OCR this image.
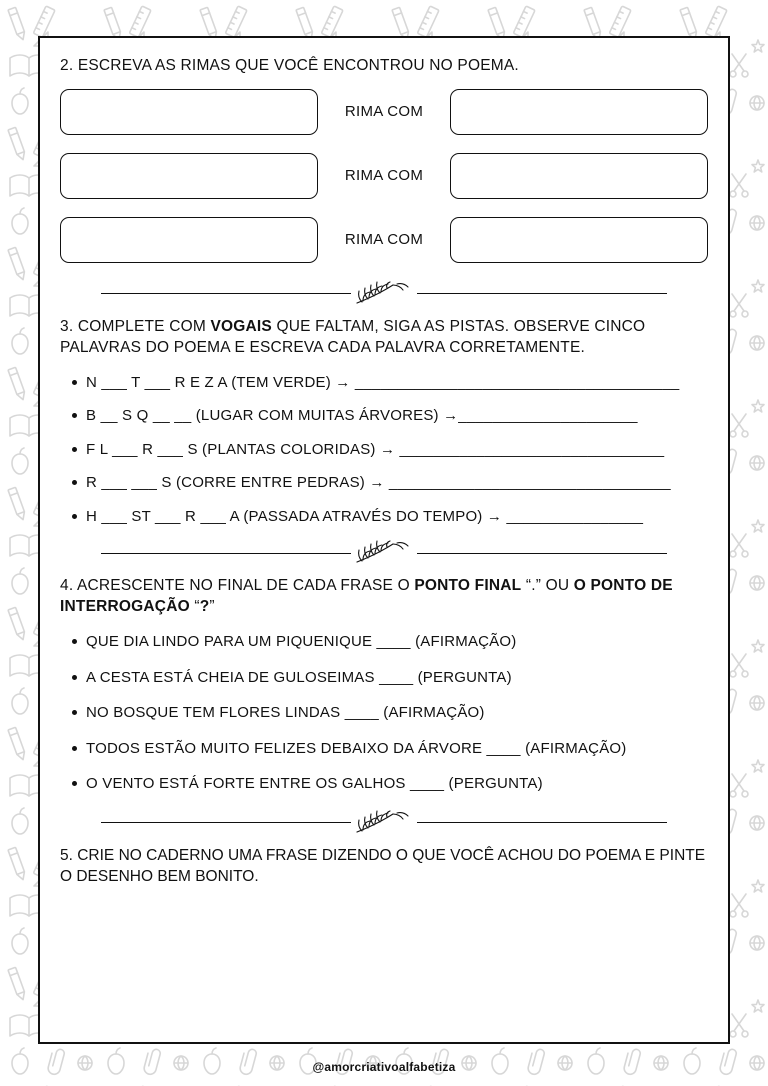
2. ESCREVA AS RIMAS QUE VOCÊ ENCONTROU NO POEMA.

RIMA COM
RIMA COM
RIMA COM

3. COMPLETE COM VOGAIS QUE FALTAM, SIGA AS PISTAS. OBSERVE CINCO PALAVRAS DO POEMA E ESCREVA CADA PALAVRA CORRETAMENTE.

N ___ T ___ R E Z A (TEM VERDE) → ______________________________________
B __ S Q __ __ (LUGAR COM MUITAS ÁRVORES) →_____________________
F L ___ R ___ S (PLANTAS COLORIDAS) → _______________________________
R ___ ___ S (CORRE ENTRE PEDRAS) → _________________________________
H ___ ST ___ R ___ A (PASSADA ATRAVÉS DO TEMPO) → ________________

4. ACRESCENTE NO FINAL DE CADA FRASE O PONTO FINAL “.” OU O PONTO DE INTERROGAÇÃO “?”

QUE DIA LINDO PARA UM PIQUENIQUE ____ (AFIRMAÇÃO)
A CESTA ESTÁ CHEIA DE GULOSEIMAS ____ (PERGUNTA)
NO BOSQUE TEM FLORES LINDAS ____ (AFIRMAÇÃO)
TODOS ESTÃO MUITO FELIZES DEBAIXO DA ÁRVORE ____ (AFIRMAÇÃO)
O VENTO ESTÁ FORTE ENTRE OS GALHOS ____ (PERGUNTA)

5. CRIE NO CADERNO UMA FRASE DIZENDO O QUE VOCÊ ACHOU DO POEMA E PINTE O DESENHO BEM BONITO.

@amorcriativoalfabetiza
